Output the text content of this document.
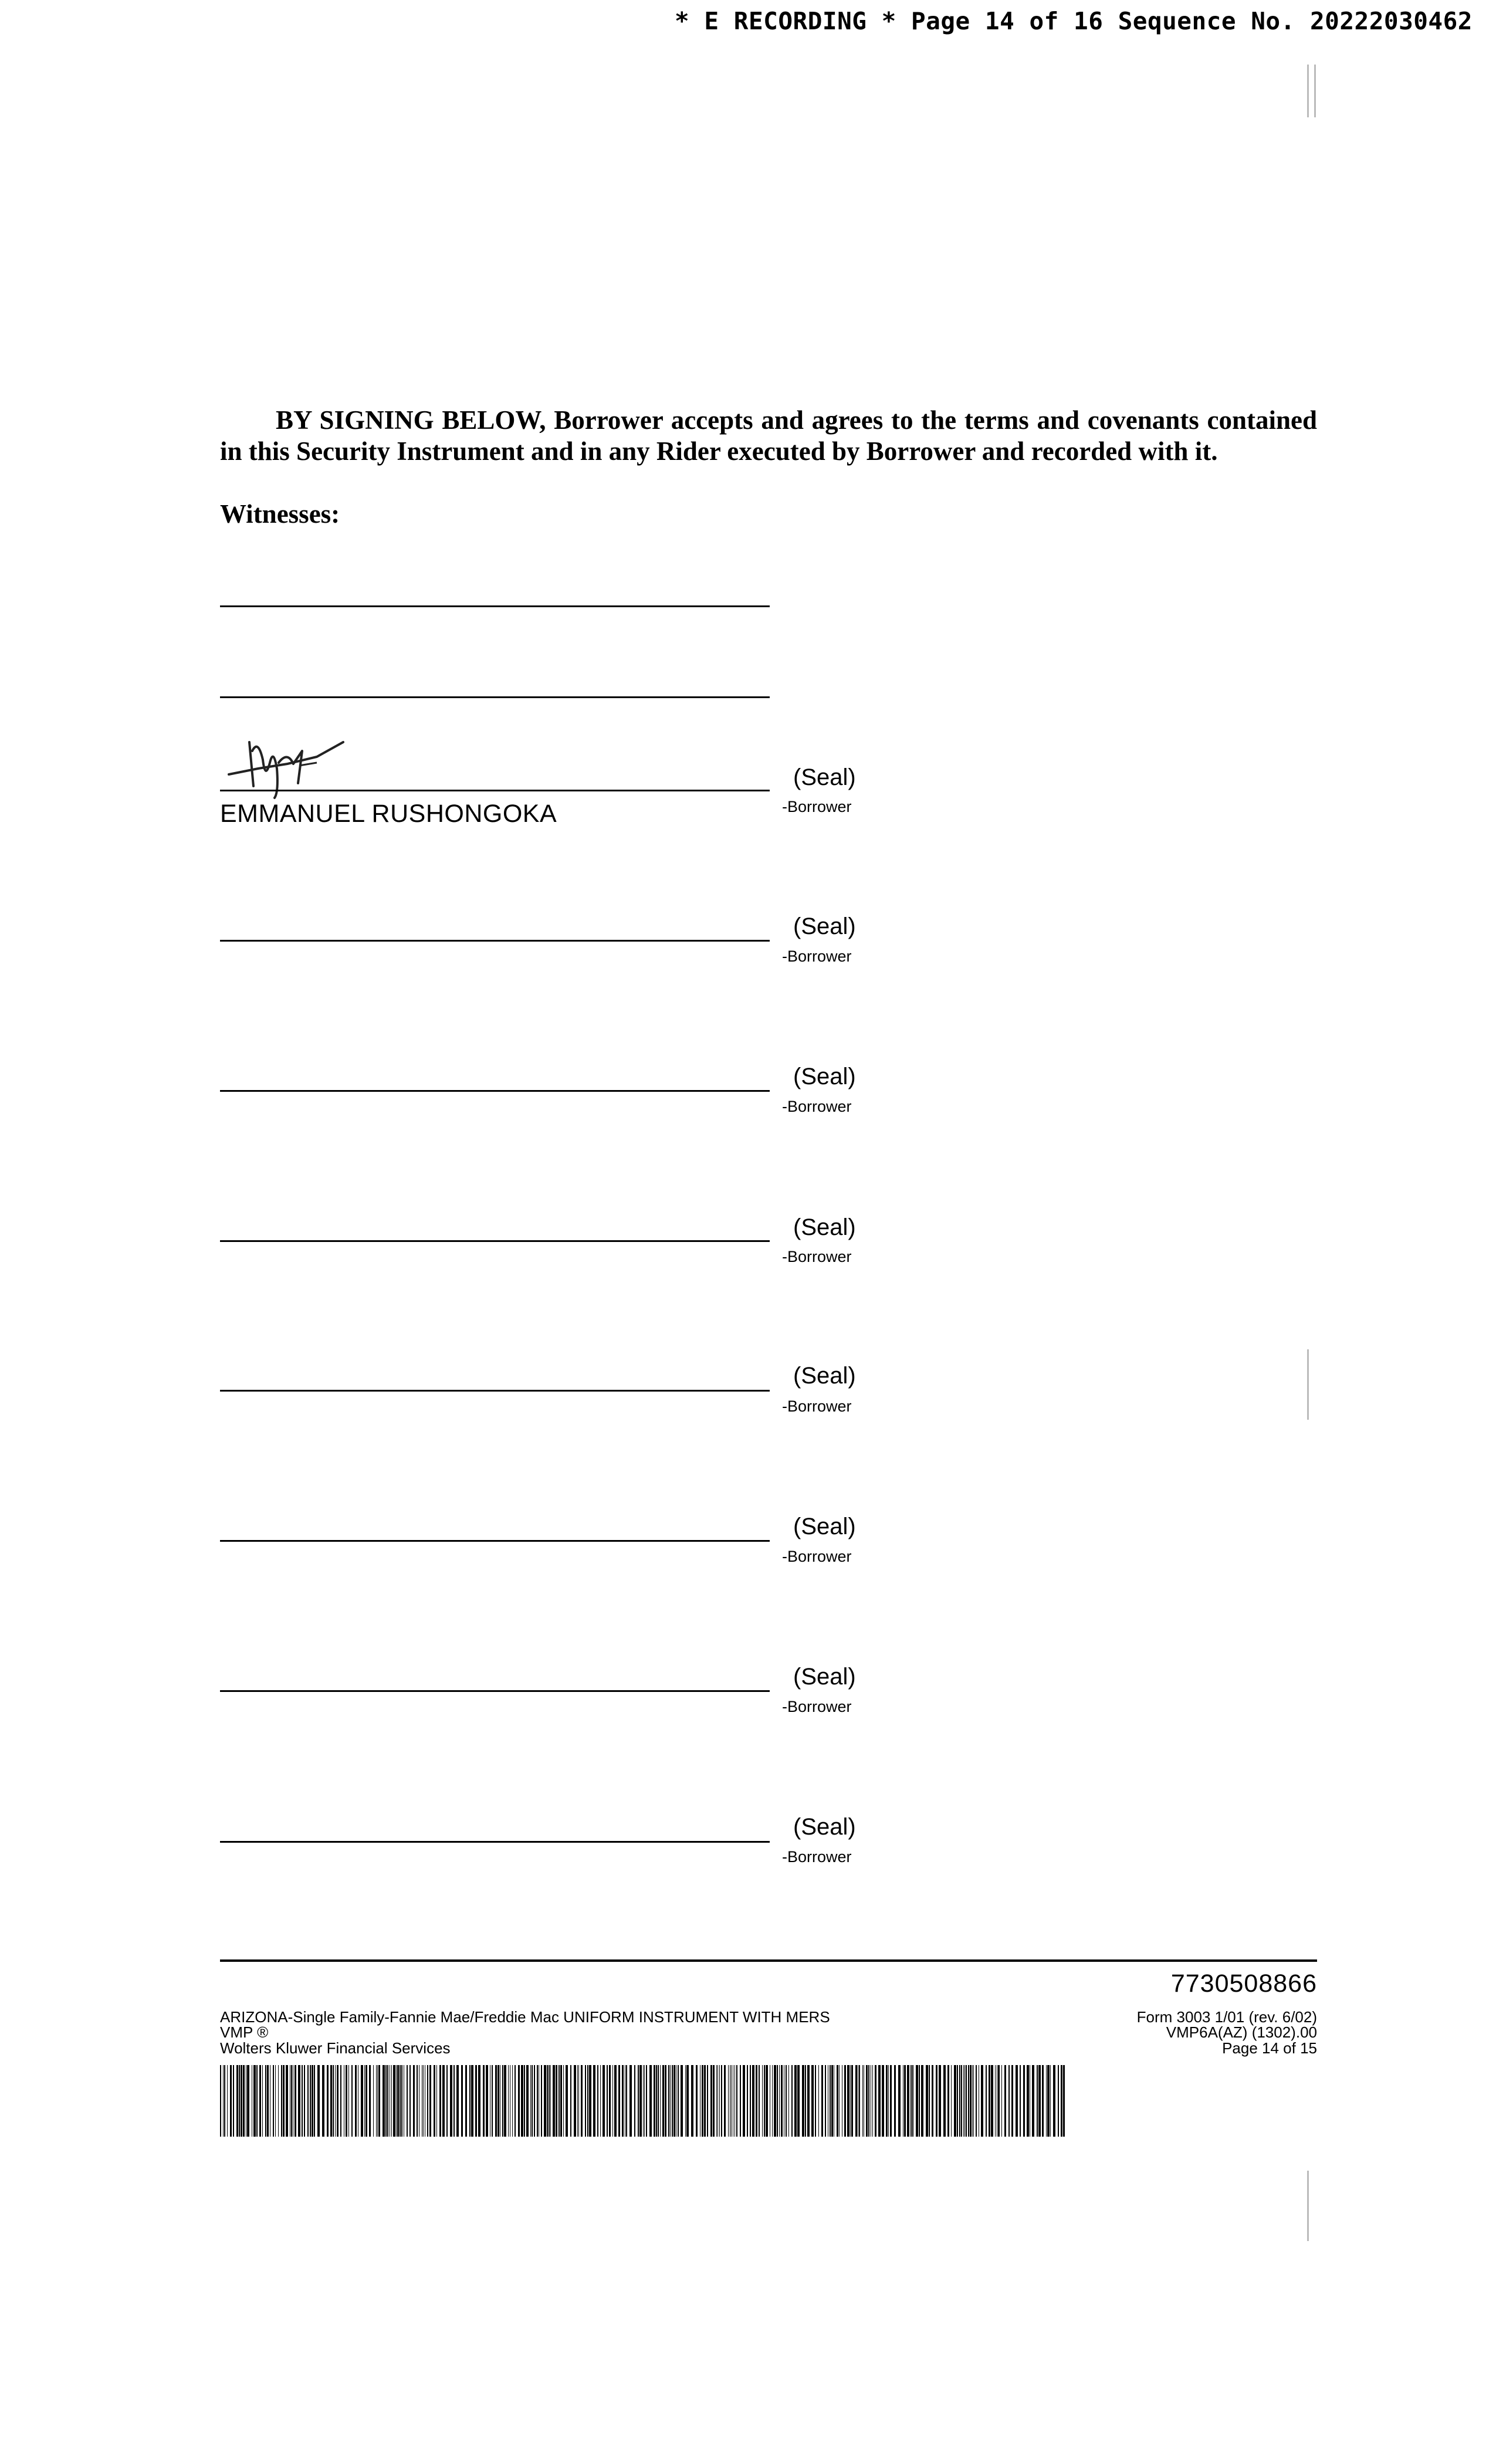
* E RECORDING * Page 14 of 16 Sequence No. 20222030462
BY SIGNING BELOW, Borrower accepts and agrees to the terms and covenants contained in this Security Instrument and in any Rider executed by Borrower and recorded with it.
Witnesses:
(Seal)
-Borrower
EMMANUEL RUSHONGOKA
(Seal)
-Borrower
(Seal)
-Borrower
(Seal)
-Borrower
(Seal)
-Borrower
(Seal)
-Borrower
(Seal)
-Borrower
(Seal)
-Borrower
7730508866
ARIZONA-Single Family-Fannie Mae/Freddie Mac UNIFORM INSTRUMENT WITH MERS
VMP ®
Wolters Kluwer Financial Services
Form 3003 1/01 (rev. 6/02)
VMP6A(AZ) (1302).00
Page 14 of 15
